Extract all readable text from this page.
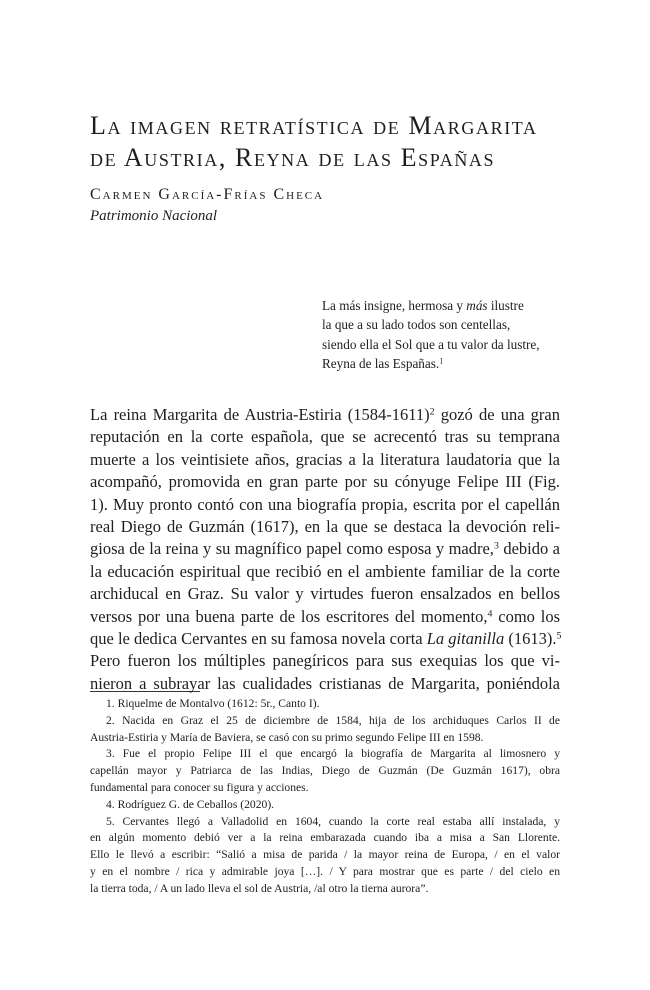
La imagen retratística de Margarita
de Austria, Reyna de las Españas

Carmen García-Frías Checa

Patrimonio Nacional

La más insigne, hermosa y más ilustre
la que a su lado todos son centellas,
siendo ella el Sol que a tu valor da lustre,
Reyna de las Españas.$^1$
La reina Margarita de Austria-Estiria (1584-1611)$^2$ gozó de una gran
reputación en la corte española, que se acrecentó tras su temprana
muerte a los veintisiete años, gracias a la literatura laudatoria que la
acompañó, promovida en gran parte por su cónyuge Felipe III (Fig.
1). Muy pronto contó con una biografía propia, escrita por el capellán
real Diego de Guzmán (1617), en la que se destaca la devoción reli-
giosa de la reina y su magnífico papel como esposa y madre,$^3$ debido a
la educación espiritual que recibió en el ambiente familiar de la corte
archiducal en Graz. Su valor y virtudes fueron ensalzados en bellos
versos por una buena parte de los escritores del momento,$^4$ como los
que le dedica Cervantes en su famosa novela corta La gitanilla (1613).$^5$
Pero fueron los múltiples panegíricos para sus exequias los que vi-
nieron a subrayar las cualidades cristianas de Margarita, poniéndola
1. Riquelme de Montalvo (1612: 5r., Canto I).
2. Nacida en Graz el 25 de diciembre de 1584, hija de los archiduques Carlos II de
Austria-Estiria y María de Baviera, se casó con su primo segundo Felipe III en 1598.
3. Fue el propio Felipe III el que encargó la biografía de Margarita al limosnero y
capellán mayor y Patriarca de las Indias, Diego de Guzmán (De Guzmán 1617), obra
fundamental para conocer su figura y acciones.
4. Rodríguez G. de Ceballos (2020).
5. Cervantes llegó a Valladolid en 1604, cuando la corte real estaba allí instalada, y
en algún momento debió ver a la reina embarazada cuando iba a misa a San Llorente.
Ello le llevó a escribir: “Salió a misa de parida / la mayor reina de Europa, / en el valor
y en el nombre / rica y admirable joya […]. / Y para mostrar que es parte / del cielo en
la tierra toda, / A un lado lleva el sol de Austria, /al otro la tierna aurora”.
